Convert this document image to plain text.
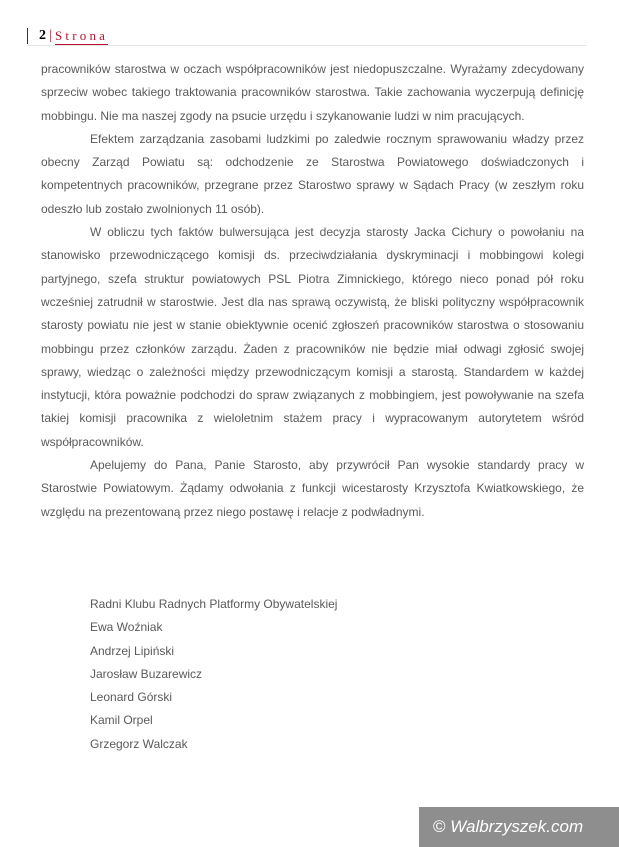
2 | Strona

pracowników starostwa w oczach współpracowników jest niedopuszczalne. Wyrażamy zdecydowany sprzeciw wobec takiego traktowania pracowników starostwa. Takie zachowania wyczerpują definicję mobbingu. Nie ma naszej zgody na psucie urzędu i szykanowanie ludzi w nim pracujących.

Efektem zarządzania zasobami ludzkimi po zaledwie rocznym sprawowaniu władzy przez obecny Zarząd Powiatu są: odchodzenie ze Starostwa Powiatowego doświadczonych i kompetentnych pracowników, przegrane przez Starostwo sprawy w Sądach Pracy (w zeszłym roku odeszło lub zostało zwolnionych 11 osób).

W obliczu tych faktów bulwersująca jest decyzja starosty Jacka Cichury o powołaniu na stanowisko przewodniczącego komisji ds. przeciwdziałania dyskryminacji i mobbingowi kolegi partyjnego, szefa struktur powiatowych PSL Piotra Zimnickiego, którego nieco ponad pół roku wcześniej zatrudnił w starostwie. Jest dla nas sprawą oczywistą, że bliski polityczny współpracownik starosty powiatu nie jest w stanie obiektywnie ocenić zgłoszeń pracowników starostwa o stosowaniu mobbingu przez członków zarządu. Żaden z pracowników nie będzie miał odwagi zgłosić swojej sprawy, wiedząc o zależności między przewodniczącym komisji a starostą. Standardem w każdej instytucji, która poważnie podchodzi do spraw związanych z mobbingiem, jest powoływanie na szefa takiej komisji pracownika z wieloletnim stażem pracy i wypracowanym autorytetem wśród współpracowników.

Apelujemy do Pana, Panie Starosto, aby przywrócił Pan wysokie standardy pracy w Starostwie Powiatowym. Żądamy odwołania z funkcji wicestarosty Krzysztofa Kwiatkowskiego, że względu na prezentowaną przez niego postawę i relacje z podwładnymi.

Radni Klubu Radnych Platformy Obywatelskiej
Ewa Woźniak
Andrzej Lipiński
Jarosław Buzarewicz
Leonard Górski
Kamil Orpel
Grzegorz Walczak
© Walbrzyszek.com
